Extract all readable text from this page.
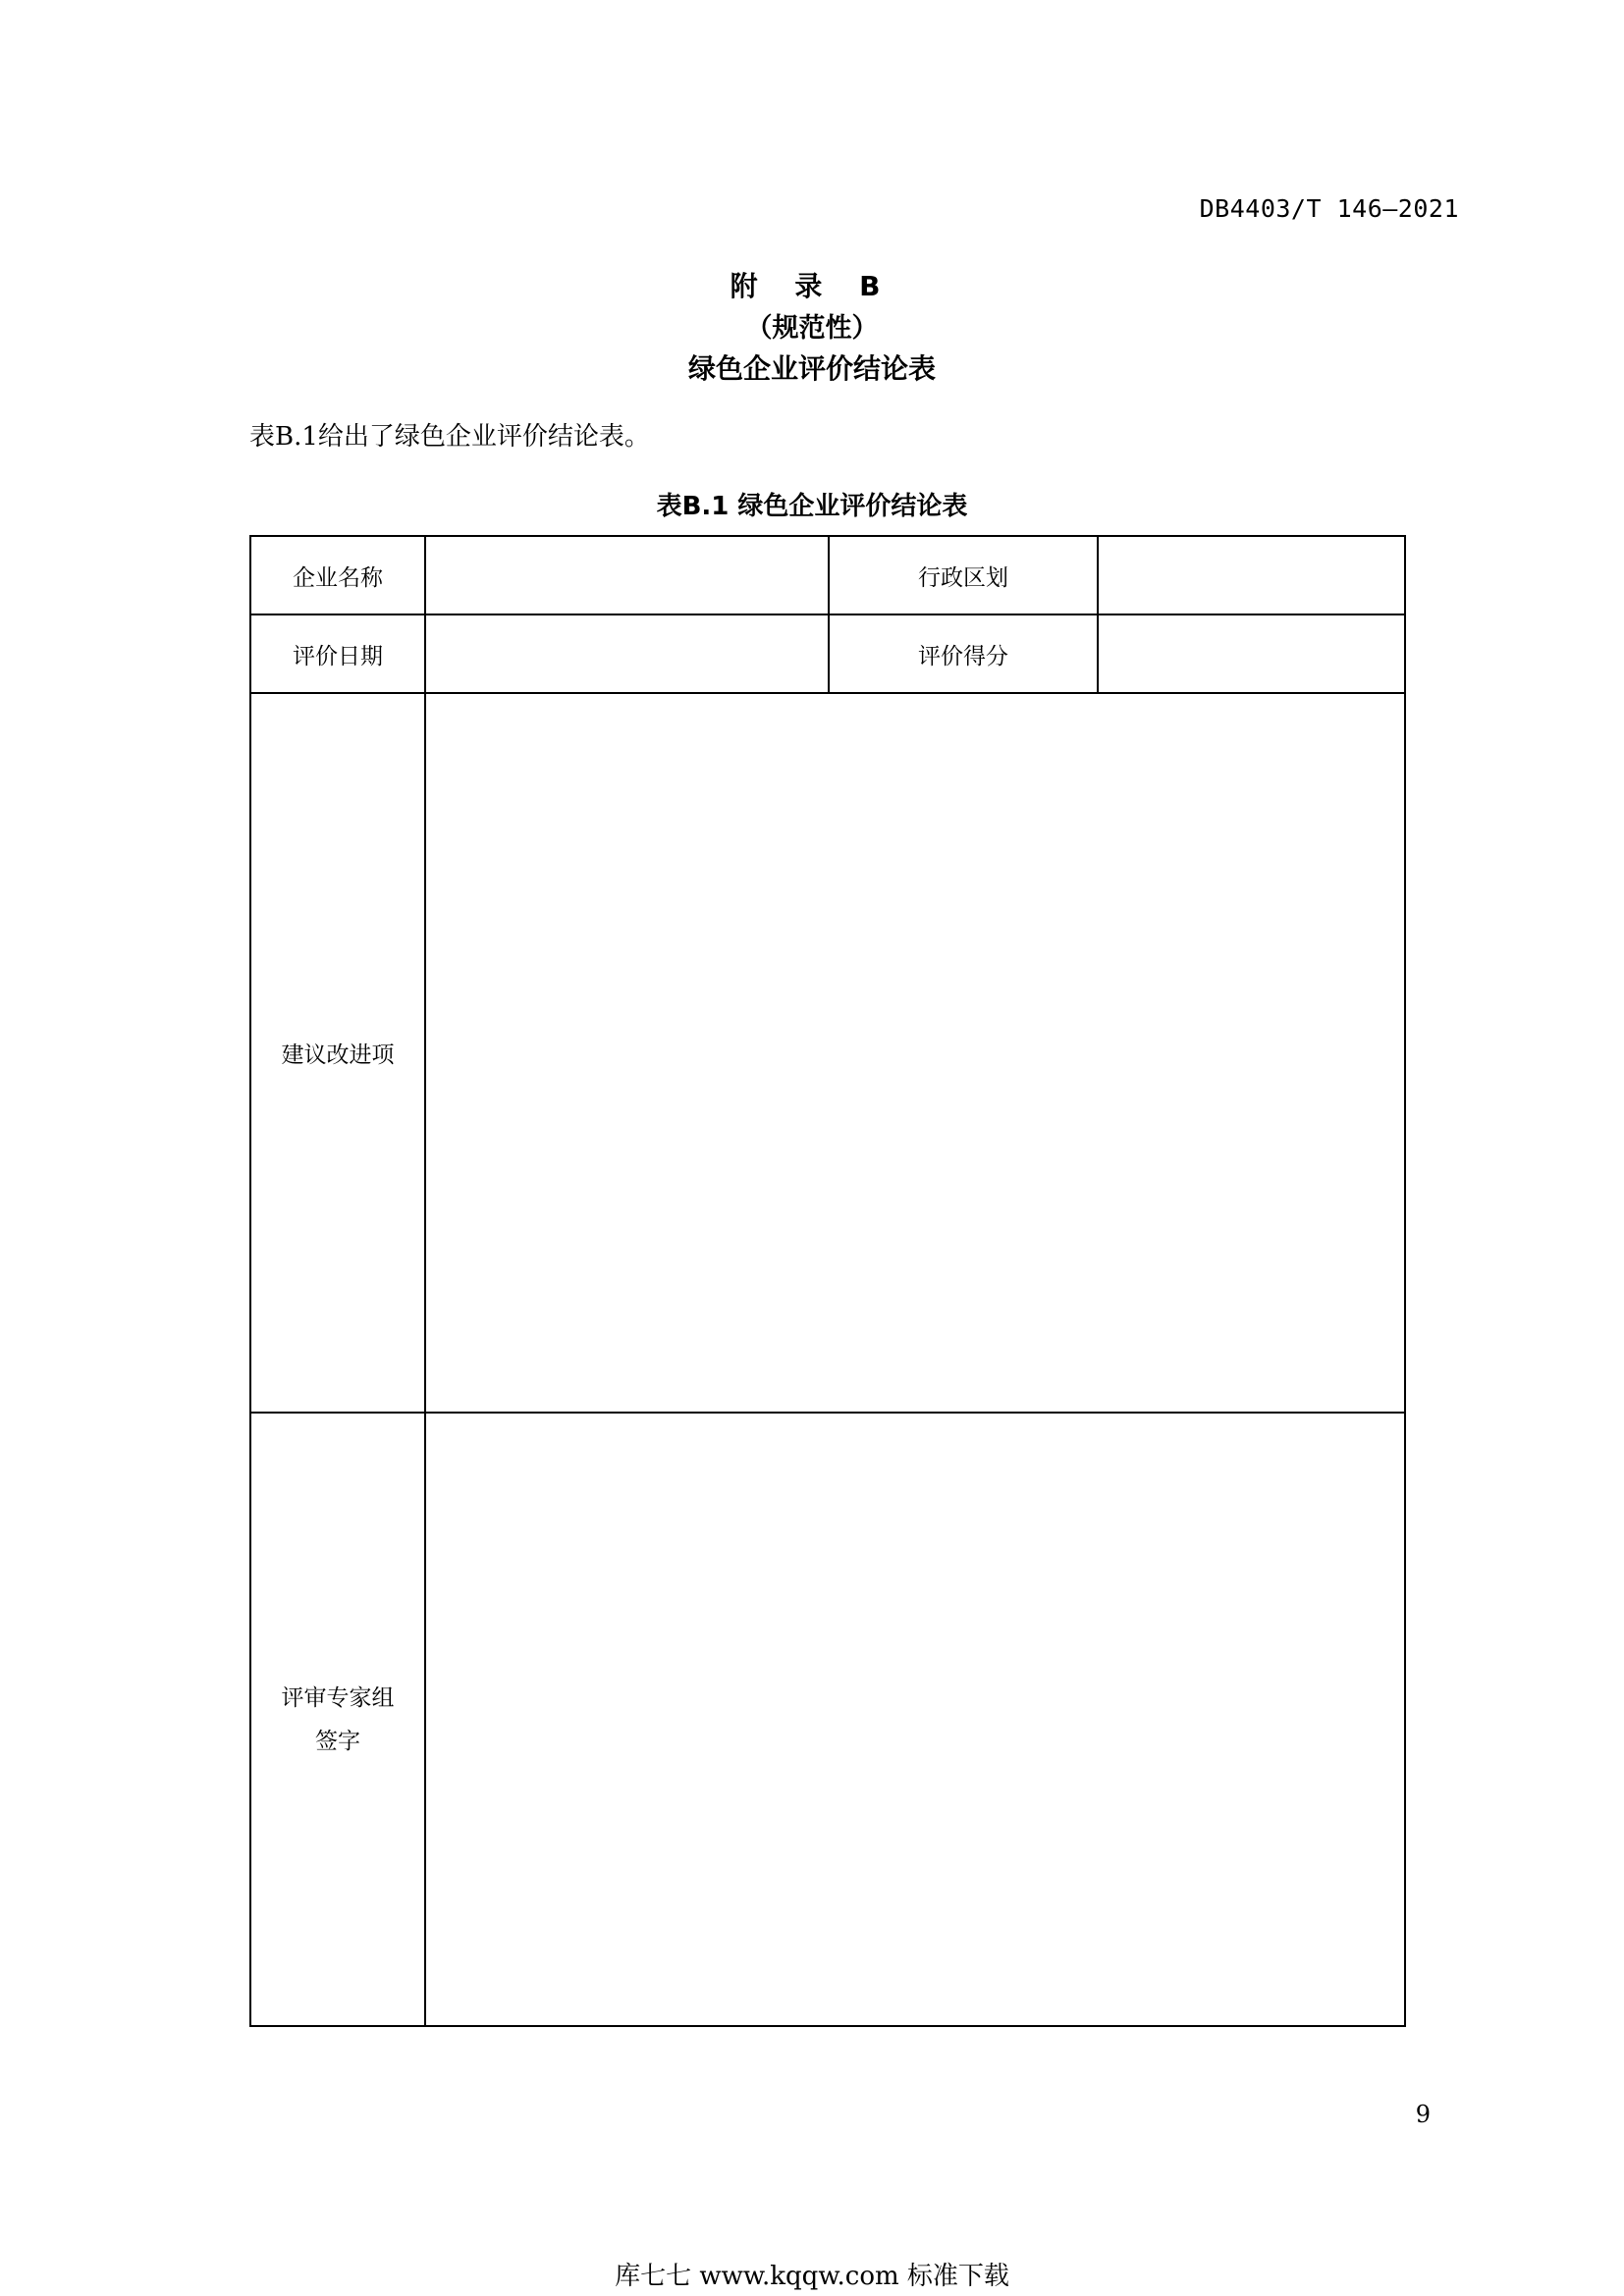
DB4403/T 146—2021
附 录 B
（规范性）
绿色企业评价结论表
表B.1给出了绿色企业评价结论表。
表B.1 绿色企业评价结论表
企业名称		行政区划	
评价日期		评价得分	
建议改进项			
评审专家组
签字			
9
库七七 www.kqqw.com 标准下载
